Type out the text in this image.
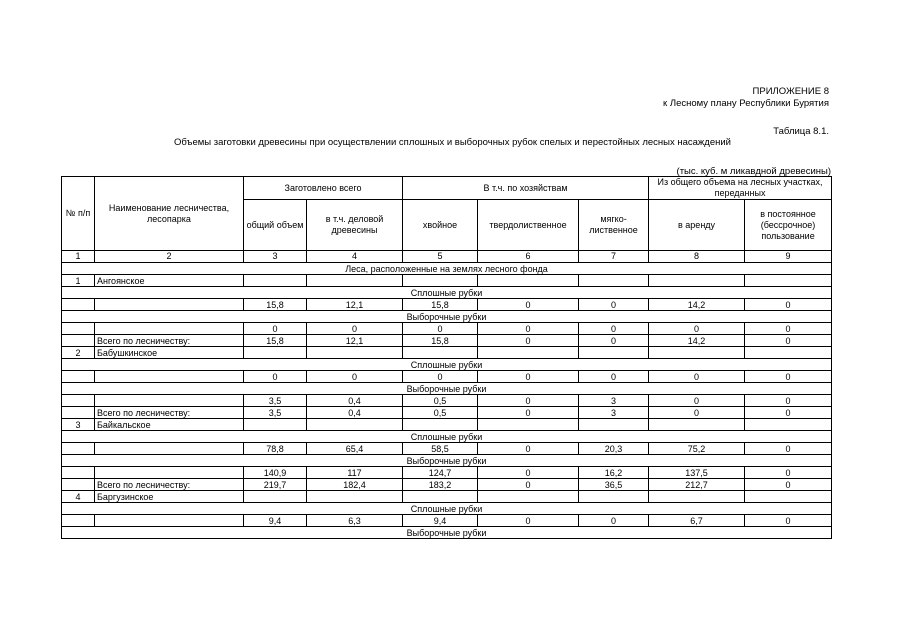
ПРИЛОЖЕНИЕ 8
к Лесному плану Республики Бурятия
Таблица 8.1.
Объемы заготовки древесины при осуществлении сплошных и выборочных рубок спелых и перестойных лесных насаждений
(тыс. куб. м ликавдной древесины)
№ п/п	Наименование лесничества, лесопарка	Заготовлено всего		В т.ч. по хозяйствам			Из общего объема на лесных участках, переданных	
		общий объем	в т.ч. деловой древесины	хвойное	твердолиственное	мягко-лиственное	в аренду	в постоянное (бессрочное) пользование
1	2	3	4	5	6	7	8	9
Леса, расположенные на землях лесного фонда								
1	Ангоянское							
Сплошные рубки								
		15,8	12,1	15,8	0	0	14,2	0
Выборочные рубки								
		0	0	0	0	0	0	0
	Всего по лесничеству:	15,8	12,1	15,8	0	0	14,2	0
2	Бабушкинское							
Сплошные рубки								
		0	0	0	0	0	0	0
Выборочные рубки								
		3,5	0,4	0,5	0	3	0	0
	Всего по лесничеству:	3,5	0,4	0,5	0	3	0	0
3	Байкальское							
Сплошные рубки								
		78,8	65,4	58,5	0	20,3	75,2	0
Выборочные рубки								
		140,9	117	124,7	0	16,2	137,5	0
	Всего по лесничеству:	219,7	182,4	183,2	0	36,5	212,7	0
4	Баргузинское							
Сплошные рубки								
		9,4	6,3	9,4	0	0	6,7	0
Выборочные рубки								
